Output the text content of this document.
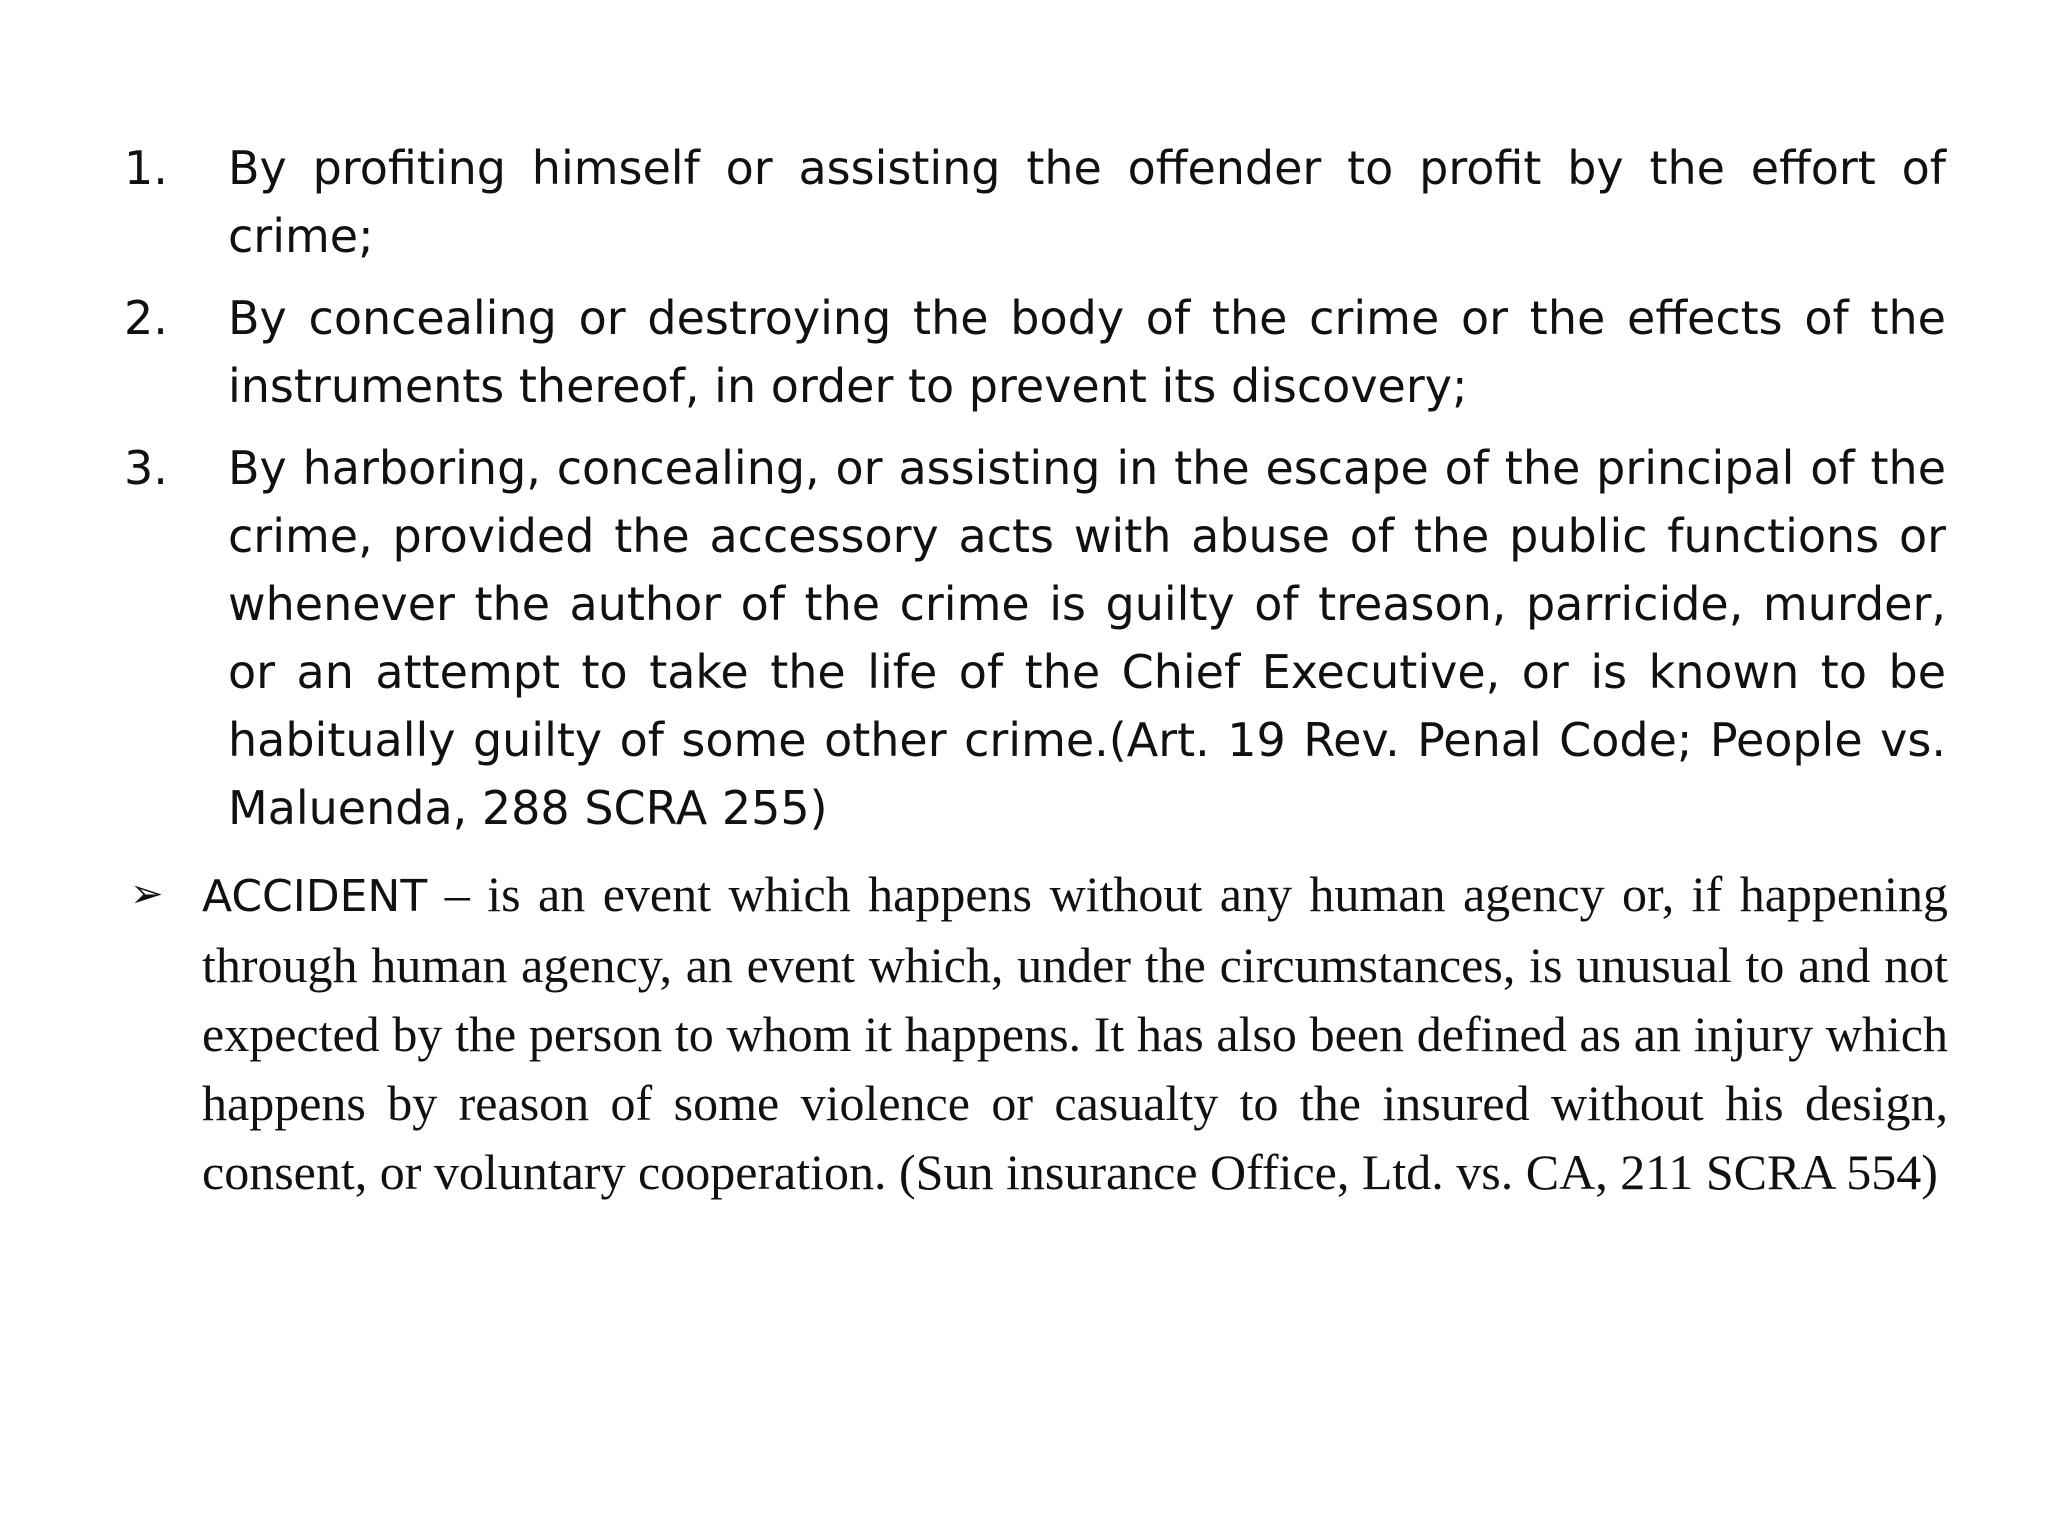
1. By profiting himself or assisting the offender to profit by the effort of crime;
2. By concealing or destroying the body of the crime or the effects of the instruments thereof, in order to prevent its discovery;
3. By harboring, concealing, or assisting in the escape of the principal of the crime, provided the accessory acts with abuse of the public functions or whenever the author of the crime is guilty of treason, parricide, murder, or an attempt to take the life of the Chief Executive, or is known to be habitually guilty of some other crime.(Art. 19 Rev. Penal Code; People vs. Maluenda, 288 SCRA 255)
➢ ACCIDENT – is an event which happens without any human agency or, if happening through human agency, an event which, under the circumstances, is unusual to and not expected by the person to whom it happens. It has also been defined as an injury which happens by reason of some violence or casualty to the insured without his design, consent, or voluntary cooperation. (Sun insurance Office, Ltd. vs. CA, 211 SCRA 554)
